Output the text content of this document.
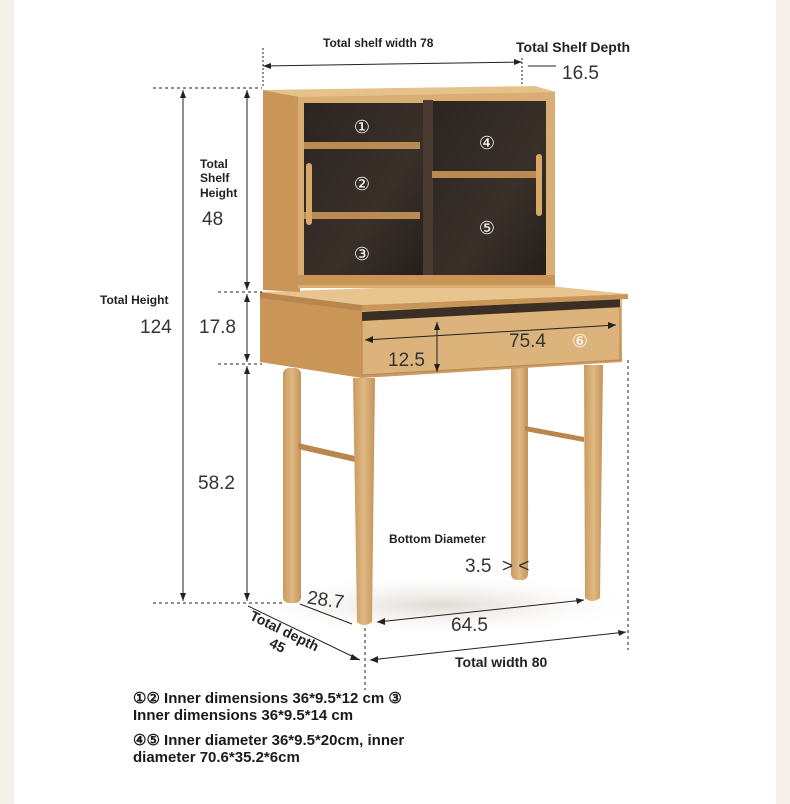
①
②
③
④
⑤
⑥
Total shelf width 78	Total Shelf Depth
16.5
Total
Shelf
Height
48
Total Height
124 17.8
75.4
12.5
58.2
Bottom Diameter
3.5 > <
28.7
64.5
Total depth 45
Total width 80

①② Inner dimensions 36*9.5*12 cm ③ Inner dimensions 36*9.5*14 cm

④⑤ Inner diameter 36*9.5*20cm, inner diameter 70.6*35.2*6cm
